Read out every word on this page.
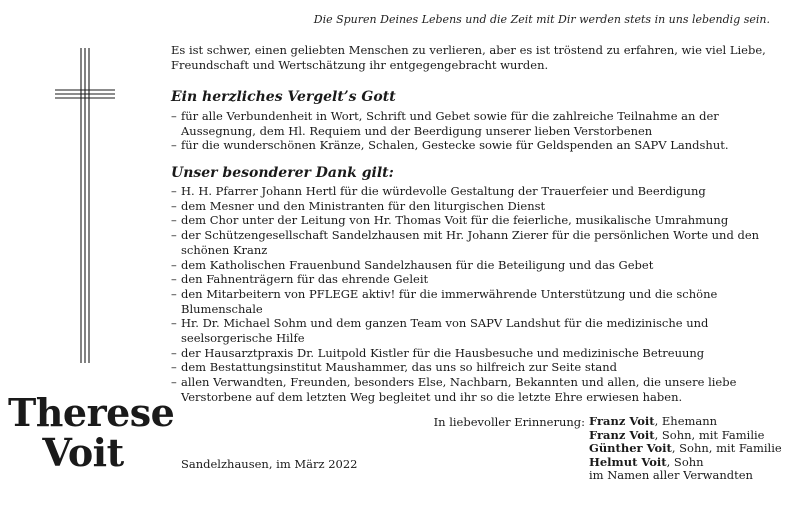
Die Spuren Deines Lebens und die Zeit mit Dir werden stets in uns lebendig sein.
Es ist schwer, einen geliebten Menschen zu verlieren, aber es ist tröstend zu erfahren, wie viel Liebe, Freundschaft und Wertschätzung ihr entgegengebracht wurden.
Ein herzliches Vergelt’s Gott
– für alle Verbundenheit in Wort, Schrift und Gebet sowie für die zahlreiche Teilnahme an der Aussegnung, dem Hl. Requiem und der Beerdigung unserer lieben Verstorbenen
– für die wunderschönen Kränze, Schalen, Gestecke sowie für Geldspenden an SAPV Landshut.
Unser besonderer Dank gilt:
– H. H. Pfarrer Johann Hertl für die würdevolle Gestaltung der Trauerfeier und Beerdigung
– dem Mesner und den Ministranten für den liturgischen Dienst
– dem Chor unter der Leitung von Hr. Thomas Voit für die feierliche, musikalische Umrahmung
– der Schützengesellschaft Sandelzhausen mit Hr. Johann Zierer für die persönlichen Worte und den schönen Kranz
– dem Katholischen Frauenbund Sandelzhausen für die Beteiligung und das Gebet
– den Fahnenträgern für das ehrende Geleit
– den Mitarbeitern von PFLEGE aktiv! für die immerwährende Unterstützung und die schöne Blumenschale
– Hr. Dr. Michael Sohm und dem ganzen Team von SAPV Landshut für die medizinische und seelsorgerische Hilfe
– der Hausarztpraxis Dr. Luitpold Kistler für die Hausbesuche und medizinische Betreuung
– dem Bestattungsinstitut Maushammer, das uns so hilfreich zur Seite stand
– allen Verwandten, Freunden, besonders Else, Nachbarn, Bekannten und allen, die unsere liebe Verstorbene auf dem letzten Weg begleitet und ihr so die letzte Ehre erwiesen haben.
Therese
Voit	Sandelzhausen, im März 2022
In liebevoller Erinnerung: Franz Voit, Ehemann
Franz Voit, Sohn, mit Familie
Günther Voit, Sohn, mit Familie
Helmut Voit, Sohn
im Namen aller Verwandten
